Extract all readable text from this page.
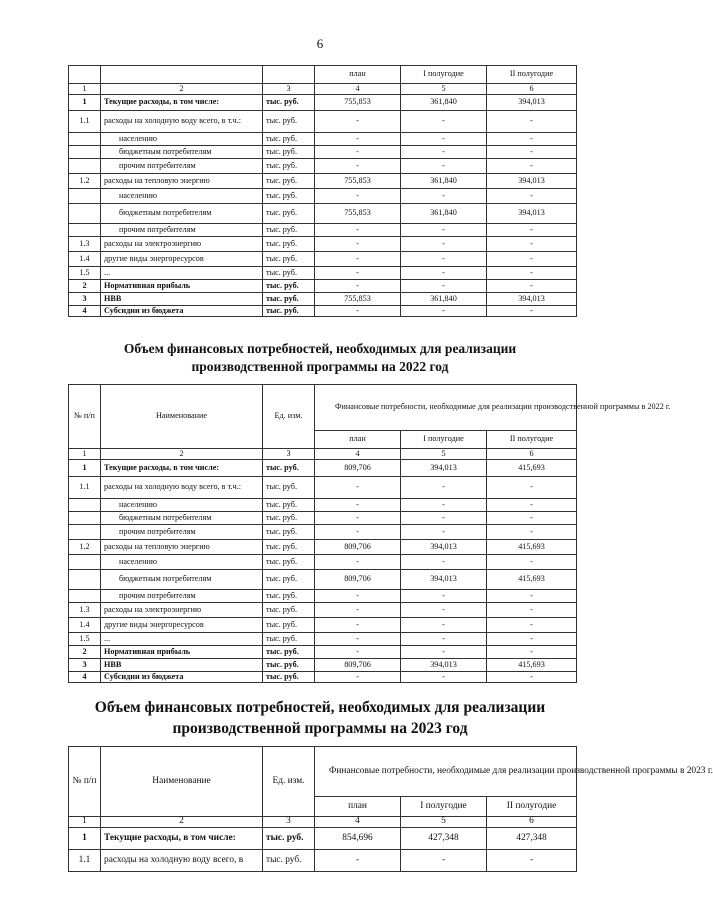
6
			план	I полугодие	II полугодие
1	2	3	4	5	6
1	Текущие расходы, в том числе:	тыс. руб.	755,853	361,840	394,013
1.1	расходы на холодную воду всего, в т.ч.:	тыс. руб.	-	-	-
	населению	тыс. руб.	-	-	-
	бюджетным потребителям	тыс. руб.	-	-	-
	прочим потребителям	тыс. руб.	-	-	-
1.2	расходы на тепловую энергию	тыс. руб.	755,853	361,840	394,013
	населению	тыс. руб.	-	-	-
	бюджетным потребителям	тыс. руб.	755,853	361,840	394,013
	прочим потребителям	тыс. руб.	-	-	-
1.3	расходы на электроэнергию	тыс. руб.	-	-	-
1.4	другие виды энергоресурсов	тыс. руб.	-	-	-
1.5	...	тыс. руб.	-	-	-
2	Нормативная прибыль	тыс. руб.	-	-	-
3	НВВ	тыс. руб.	755,853	361,840	394,013
4	Субсидии из бюджета	тыс. руб.	-	-	-
Объем финансовых потребностей, необходимых для реализации
производственной программы на 2022 год
№ п/п	Наименование	Ед. изм.	Финансовые потребности, необходимые для реализации производственной программы в 2022 г.		
			план	I полугодие	II полугодие
1	2	3	4	5	6
1	Текущие расходы, в том числе:	тыс. руб.	809,706	394,013	415,693
1.1	расходы на холодную воду всего, в т.ч.:	тыс. руб.	-	-	-
	населению	тыс. руб.	-	-	-
	бюджетным потребителям	тыс. руб.	-	-	-
	прочим потребителям	тыс. руб.	-	-	-
1.2	расходы на тепловую энергию	тыс. руб.	809,706	394,013	415,693
	населению	тыс. руб.	-	-	-
	бюджетным потребителям	тыс. руб.	809,706	394,013	415,693
	прочим потребителям	тыс. руб.	-	-	-
1.3	расходы на электроэнергию	тыс. руб.	-	-	-
1.4	другие виды энергоресурсов	тыс. руб.	-	-	-
1.5	...	тыс. руб.	-	-	-
2	Нормативная прибыль	тыс. руб.	-	-	-
3	НВВ	тыс. руб.	809,706	394,013	415,693
4	Субсидии из бюджета	тыс. руб.	-	-	-
Объем финансовых потребностей, необходимых для реализации
производственной программы на 2023 год
№ п/п	Наименование	Ед. изм.	Финансовые потребности, необходимые для реализации производственной программы в 2023 г.		
			план	I полугодие	II полугодие
1	2	3	4	5	6
1	Текущие расходы, в том числе:	тыс. руб.	854,696	427,348	427,348
1.1	расходы на холодную воду всего, в	тыс. руб.	-	-	-
